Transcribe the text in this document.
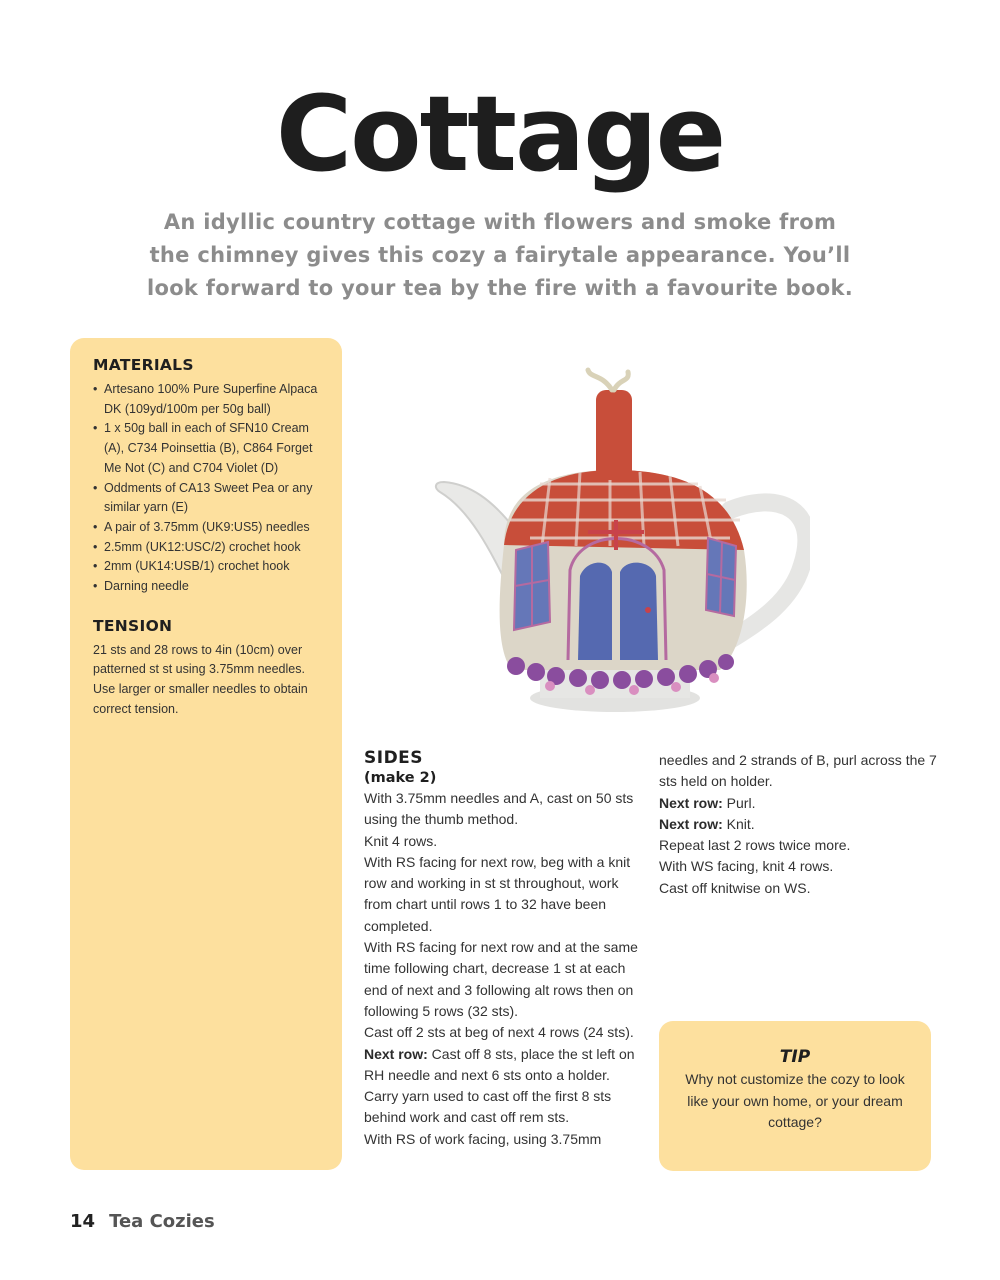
Cottage
An idyllic country cottage with flowers and smoke from the chimney gives this cozy a fairytale appearance. You’ll look forward to your tea by the fire with a favourite book.
MATERIALS
• Artesano 100% Pure Superfine Alpaca DK (109yd/100m per 50g ball)
• 1 x 50g ball in each of SFN10 Cream (A), C734 Poinsettia (B), C864 Forget Me Not (C) and C704 Violet (D)
• Oddments of CA13 Sweet Pea or any similar yarn (E)
• A pair of 3.75mm (UK9:US5) needles
• 2.5mm (UK12:USC/2) crochet hook
• 2mm (UK14:USB/1) crochet hook
• Darning needle
TENSION
21 sts and 28 rows to 4in (10cm) over patterned st st using 3.75mm needles. Use larger or smaller needles to obtain correct tension.
SIDES
(make 2)

With 3.75mm needles and A, cast on 50 sts using the thumb method.

Knit 4 rows.

With RS facing for next row, beg with a knit row and working in st st throughout, work from chart until rows 1 to 32 have been completed.

With RS facing for next row and at the same time following chart, decrease 1 st at each end of next and 3 following alt rows then on following 5 rows (32 sts).

Cast off 2 sts at beg of next 4 rows (24 sts).

Next row: Cast off 8 sts, place the st left on RH needle and next 6 sts onto a holder.

Carry yarn used to cast off the first 8 sts behind work and cast off rem sts.

With RS of work facing, using 3.75mm

needles and 2 strands of B, purl across the 7 sts held on holder.

Next row: Purl.

Next row: Knit.

Repeat last 2 rows twice more.

With WS facing, knit 4 rows.

Cast off knitwise on WS.

TIP
Why not customize the cozy to look like your own home, or your dream cottage?
14 Tea Cozies
